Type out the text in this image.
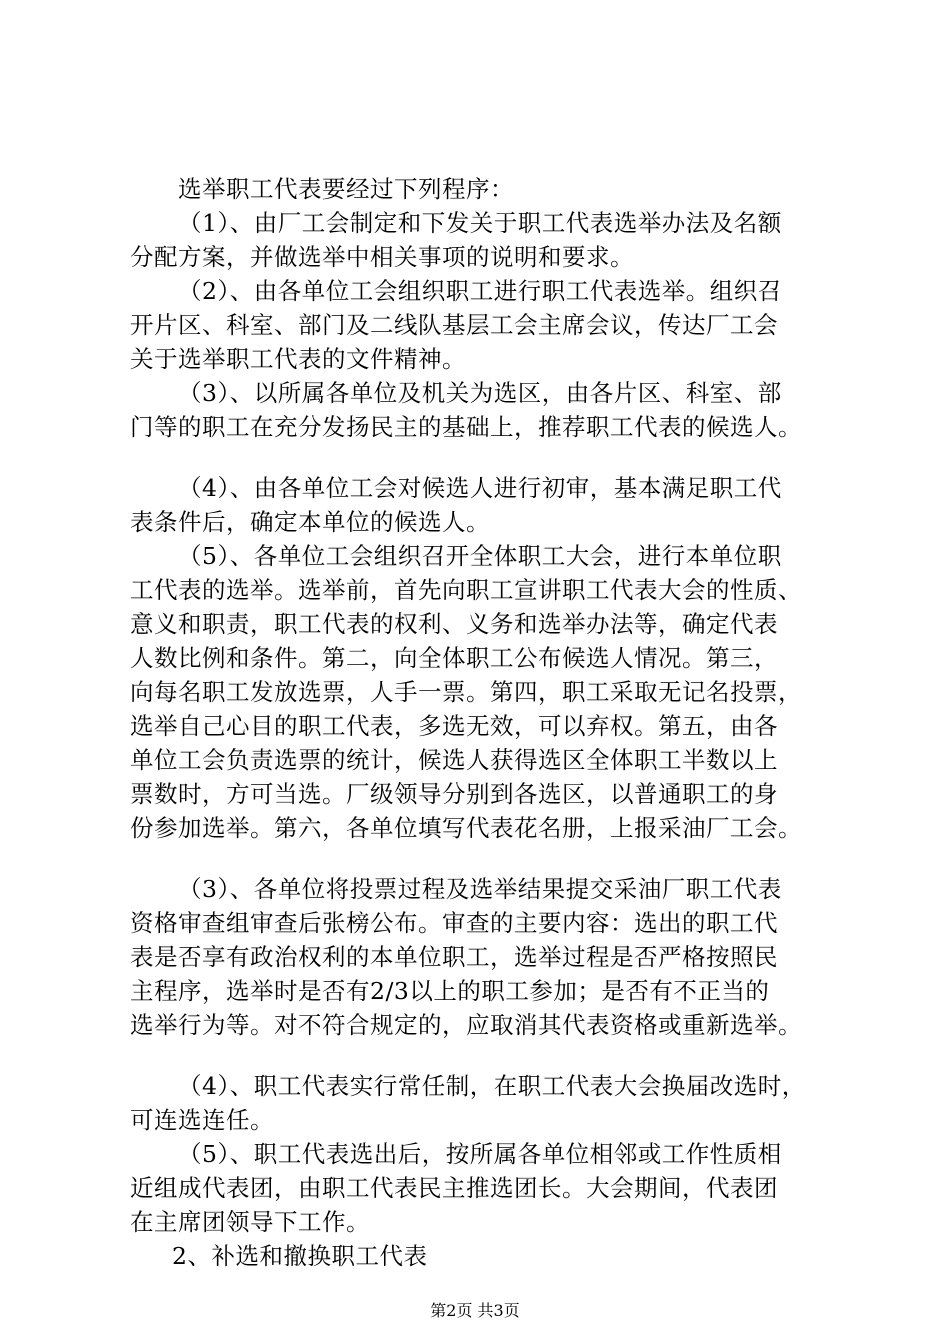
选举职工代表要经过下列程序：
（1）、由厂工会制定和下发关于职工代表选举办法及名额
分配方案，并做选举中相关事项的说明和要求。
（2）、由各单位工会组织职工进行职工代表选举。组织召
开片区、科室、部门及二线队基层工会主席会议，传达厂工会
关于选举职工代表的文件精神。
（3）、以所属各单位及机关为选区，由各片区、科室、部
门等的职工在充分发扬民主的基础上，推荐职工代表的候选人。
（4）、由各单位工会对候选人进行初审，基本满足职工代
表条件后，确定本单位的候选人。
（5）、各单位工会组织召开全体职工大会，进行本单位职
工代表的选举。选举前，首先向职工宣讲职工代表大会的性质、
意义和职责，职工代表的权利、义务和选举办法等，确定代表
人数比例和条件。第二，向全体职工公布候选人情况。第三，
向每名职工发放选票，人手一票。第四，职工采取无记名投票，
选举自己心目的职工代表，多选无效，可以弃权。第五，由各
单位工会负责选票的统计，候选人获得选区全体职工半数以上
票数时，方可当选。厂级领导分别到各选区，以普通职工的身
份参加选举。第六，各单位填写代表花名册，上报采油厂工会。
（3）、各单位将投票过程及选举结果提交采油厂职工代表
资格审查组审查后张榜公布。审查的主要内容：选出的职工代
表是否享有政治权利的本单位职工，选举过程是否严格按照民
主程序，选举时是否有2/3以上的职工参加；是否有不正当的
选举行为等。对不符合规定的，应取消其代表资格或重新选举。
（4）、职工代表实行常任制，在职工代表大会换届改选时，
可连选连任。
（5）、职工代表选出后，按所属各单位相邻或工作性质相
近组成代表团，由职工代表民主推选团长。大会期间，代表团
在主席团领导下工作。
2、补选和撤换职工代表
第2页 共3页
